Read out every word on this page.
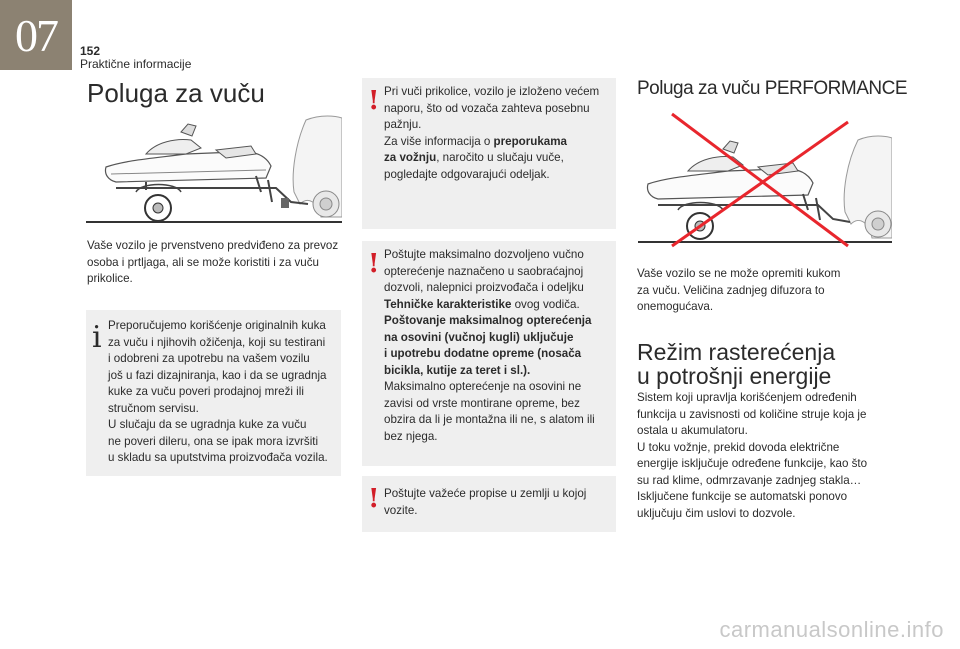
07 152
Praktične informacije
Poluga za vuču

Vaše vozilo je prvenstveno predviđeno za prevoz osoba i prtljaga, ali se može koristiti i za vuču prikolice.

i Preporučujemo korišćenje originalnih kuka

za vuču i njihovih ožičenja, koji su testirani

i odobreni za upotrebu na vašem vozilu

još u fazi dizajniranja, kao i da se ugradnja

kuke za vuču poveri prodajnoj mreži ili

stručnom servisu.

U slučaju da se ugradnja kuke za vuču

ne poveri dileru, ona se ipak mora izvršiti

u skladu sa uputstvima proizvođača vozila.

! Pri vuči prikolice, vozilo je izloženo većem

naporu, što od vozača zahteva posebnu

pažnju.

Za više informacija o preporukama

za vožnju, naročito u slučaju vuče,

pogledajte odgovarajući odeljak.

! Poštujte maksimalno dozvoljeno vučno

opterećenje naznačeno u saobraćajnoj

dozvoli, nalepnici proizvođača i odeljku

Tehničke karakteristike ovog vodiča.

Poštovanje maksimalnog opterećenja

na osovini (vučnoj kugli) uključuje

i upotrebu dodatne opreme (nosača

bicikla, kutije za teret i sl.).

Maksimalno opterećenje na osovini ne

zavisi od vrste montirane opreme, bez

obzira da li je montažna ili ne, s alatom ili

bez njega.

! Poštujte važeće propise u zemlji u kojoj

vozite.

Poluga za vuču PERFORMANCE

Vaše vozilo se ne može opremiti kukom

za vuču. Veličina zadnjeg difuzora to

onemogućava.

Režim rasterećenja
u potrošnji energije

Sistem koji upravlja korišćenjem određenih

funkcija u zavisnosti od količine struje koja je

ostala u akumulatoru.

U toku vožnje, prekid dovoda električne

energije isključuje određene funkcije, kao što

su rad klime, odmrzavanje zadnjeg stakla…

Isključene funkcije se automatski ponovo

uključuju čim uslovi to dozvole.

carmanualsonline.info
